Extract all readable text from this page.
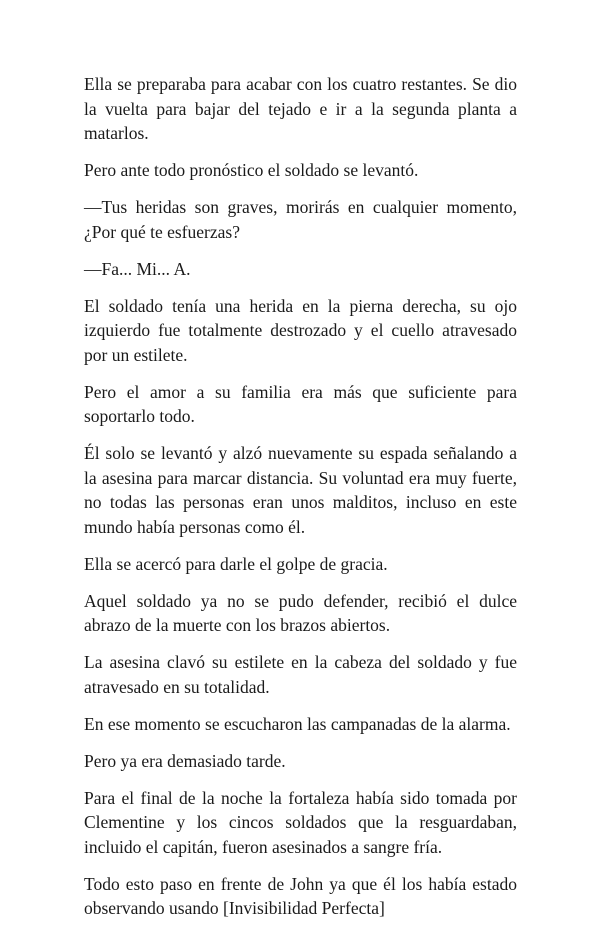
Ella se preparaba para acabar con los cuatro restantes. Se dio la vuelta para bajar del tejado e ir a la segunda planta a matarlos.

Pero ante todo pronóstico el soldado se levantó.

—Tus heridas son graves, morirás en cualquier momento, ¿Por qué te esfuerzas?

—Fa... Mi... A.

El soldado tenía una herida en la pierna derecha, su ojo izquierdo fue totalmente destrozado y el cuello atravesado por un estilete.

Pero el amor a su familia era más que suficiente para soportarlo todo.

Él solo se levantó y alzó nuevamente su espada señalando a la asesina para marcar distancia. Su voluntad era muy fuerte, no todas las personas eran unos malditos, incluso en este mundo había personas como él.

Ella se acercó para darle el golpe de gracia.

Aquel soldado ya no se pudo defender, recibió el dulce abrazo de la muerte con los brazos abiertos.

La asesina clavó su estilete en la cabeza del soldado y fue atravesado en su totalidad.

En ese momento se escucharon las campanadas de la alarma.

Pero ya era demasiado tarde.

Para el final de la noche la fortaleza había sido tomada por Clementine y los cincos soldados que la resguardaban, incluido el capitán, fueron asesinados a sangre fría.

Todo esto paso en frente de John ya que él los había estado observando usando [Invisibilidad Perfecta]
